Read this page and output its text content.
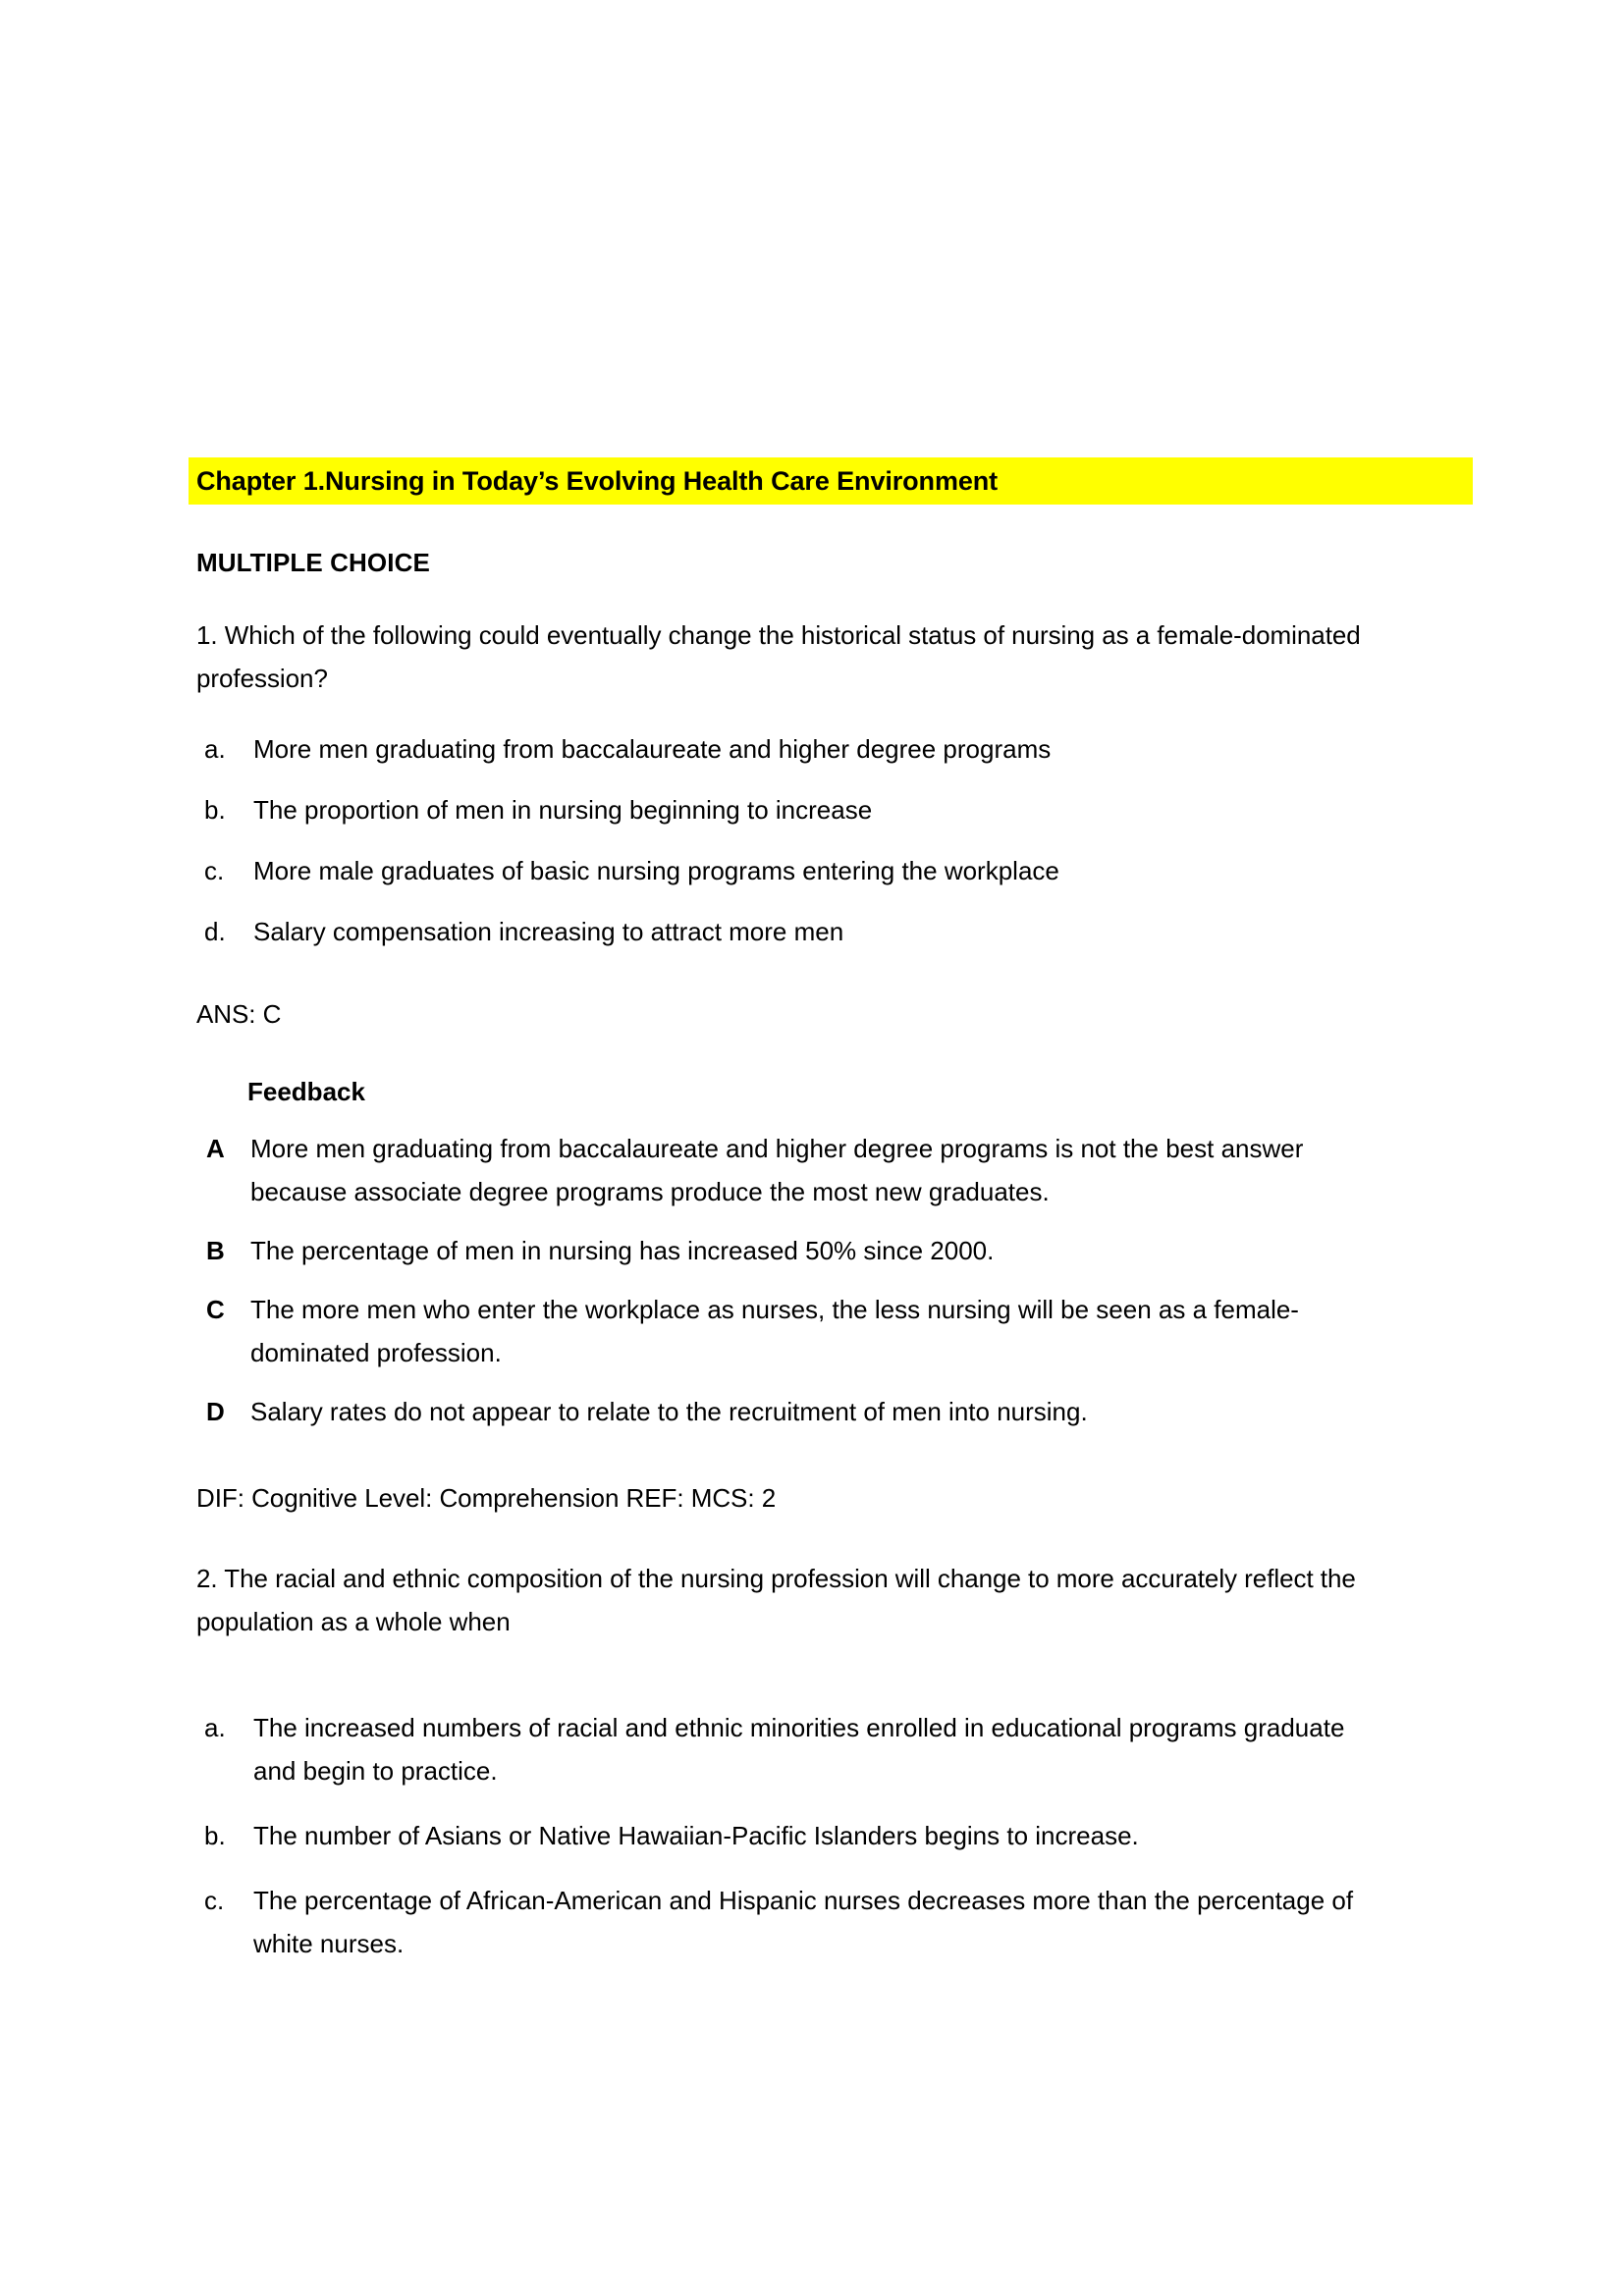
Chapter 1.Nursing in Today’s Evolving Health Care Environment
MULTIPLE CHOICE
1. Which of the following could eventually change the historical status of nursing as a female-dominated profession?
a.	More men graduating from baccalaureate and higher degree programs
b.	The proportion of men in nursing beginning to increase
c.	More male graduates of basic nursing programs entering the workplace
d.	Salary compensation increasing to attract more men
ANS: C
Feedback
A	More men graduating from baccalaureate and higher degree programs is not the best answer because associate degree programs produce the most new graduates.
B	The percentage of men in nursing has increased 50% since 2000.
C	The more men who enter the workplace as nurses, the less nursing will be seen as a female-dominated profession.
D	Salary rates do not appear to relate to the recruitment of men into nursing.
DIF: Cognitive Level: Comprehension REF: MCS: 2
2. The racial and ethnic composition of the nursing profession will change to more accurately reflect the population as a whole when
a.	The increased numbers of racial and ethnic minorities enrolled in educational programs graduate and begin to practice.
b.	The number of Asians or Native Hawaiian-Pacific Islanders begins to increase.
c.	The percentage of African-American and Hispanic nurses decreases more than the percentage of white nurses.
